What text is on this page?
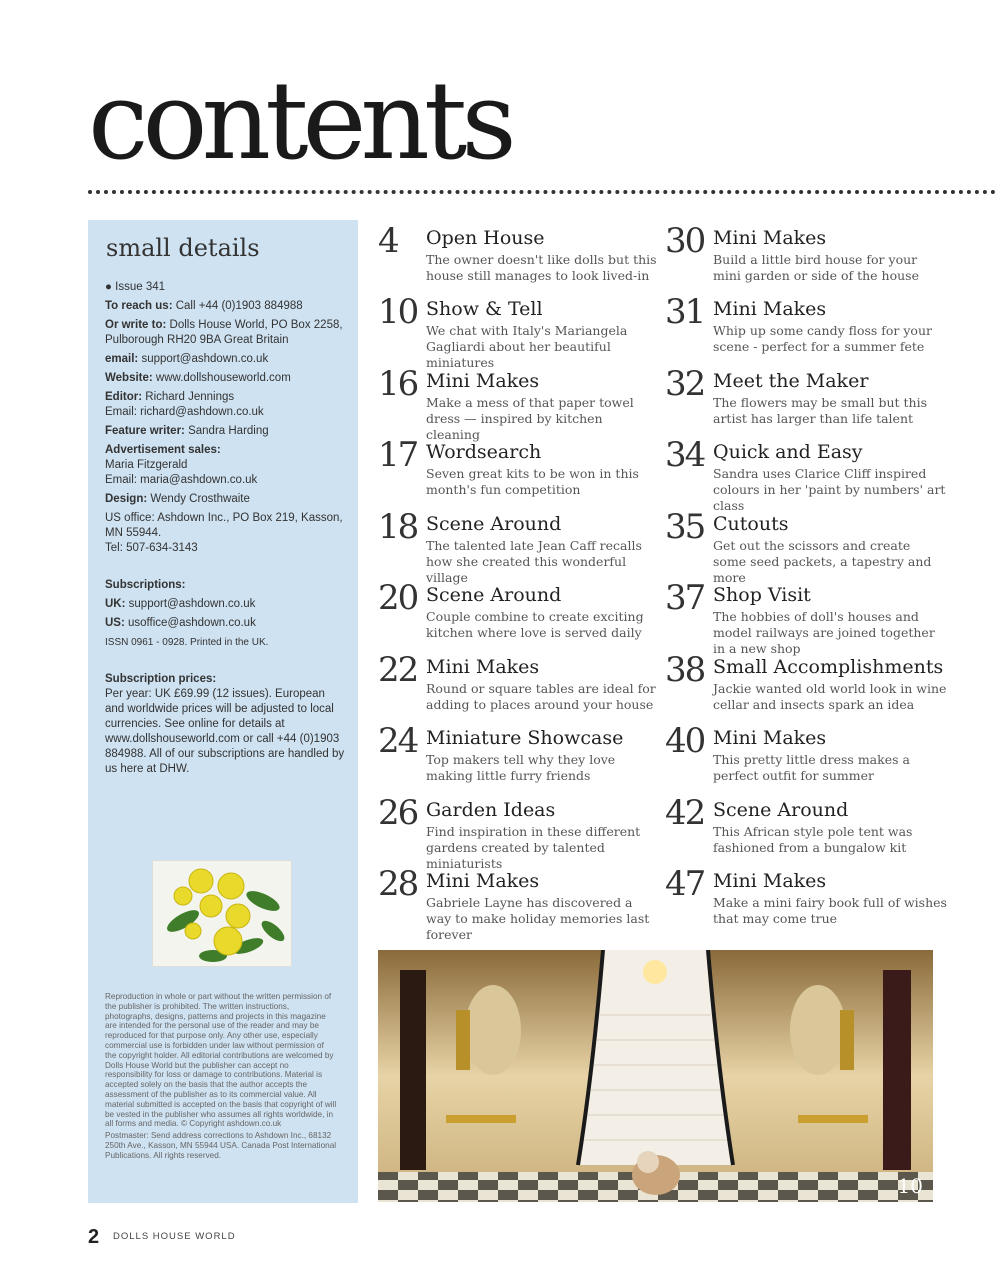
contents
small details

● Issue 341

To reach us: Call +44 (0)1903 884988

Or write to: Dolls House World, PO Box 2258, Pulborough RH20 9BA Great Britain

email: support@ashdown.co.uk

Website: www.dollshouseworld.com

Editor: Richard Jennings
Email: richard@ashdown.co.uk

Feature writer: Sandra Harding

Advertisement sales:
Maria Fitzgerald
Email: maria@ashdown.co.uk

Design: Wendy Crosthwaite

US office: Ashdown Inc., PO Box 219, Kasson, MN 55944.
Tel: 507-634-3143

Subscriptions:

UK: support@ashdown.co.uk

US: usoffice@ashdown.co.uk

ISSN 0961 - 0928. Printed in the UK.

Subscription prices:
Per year: UK £69.99 (12 issues). European and worldwide prices will be adjusted to local currencies. See online for details at www.dollshouseworld.com or call +44 (0)1903 884988. All of our subscriptions are handled by us here at DHW.

Reproduction in whole or part without the written permission of the publisher is prohibited. The written instructions, photographs, designs, patterns and projects in this magazine are intended for the personal use of the reader and may be reproduced for that purpose only. Any other use, especially commercial use is forbidden under law without permission of the copyright holder. All editorial contributions are welcomed by Dolls House World but the publisher can accept no responsibility for loss or damage to contributions. Material is accepted solely on the basis that the author accepts the assessment of the publisher as to its commercial value. All material submitted is accepted on the basis that copyright of will be vested in the publisher who assumes all rights worldwide, in all forms and media. © Copyright ashdown.co.uk

Postmaster: Send address corrections to Ashdown Inc., 68132 250th Ave., Kasson, MN 55944 USA. Canada Post International Publications. All rights reserved.

4 Open House
The owner doesn't like dolls but this house still manages to look lived-in
10 Show & Tell
We chat with Italy's Mariangela Gagliardi about her beautiful miniatures
16 Mini Makes
Make a mess of that paper towel dress — inspired by kitchen cleaning
17 Wordsearch
Seven great kits to be won in this month's fun competition
18 Scene Around
The talented late Jean Caff recalls how she created this wonderful village
20 Scene Around
Couple combine to create exciting kitchen where love is served daily
22 Mini Makes
Round or square tables are ideal for adding to places around your house
24 Miniature Showcase
Top makers tell why they love making little furry friends
26 Garden Ideas
Find inspiration in these different gardens created by talented miniaturists
28 Mini Makes
Gabriele Layne has discovered a way to make holiday memories last forever
30 Mini Makes
Build a little bird house for your mini garden or side of the house
31 Mini Makes
Whip up some candy floss for your scene - perfect for a summer fete
32 Meet the Maker
The flowers may be small but this artist has larger than life talent
34 Quick and Easy
Sandra uses Clarice Cliff inspired colours in her 'paint by numbers' art class
35 Cutouts
Get out the scissors and create some seed packets, a tapestry and more
37 Shop Visit
The hobbies of doll's houses and model railways are joined together in a new shop
38 Small Accomplishments
Jackie wanted old world look in wine cellar and insects spark an idea
40 Mini Makes
This pretty little dress makes a perfect outfit for summer
42 Scene Around
This African style pole tent was fashioned from a bungalow kit
47 Mini Makes
Make a mini fairy book full of wishes that may come true
10
2 DOLLS HOUSE WORLD
